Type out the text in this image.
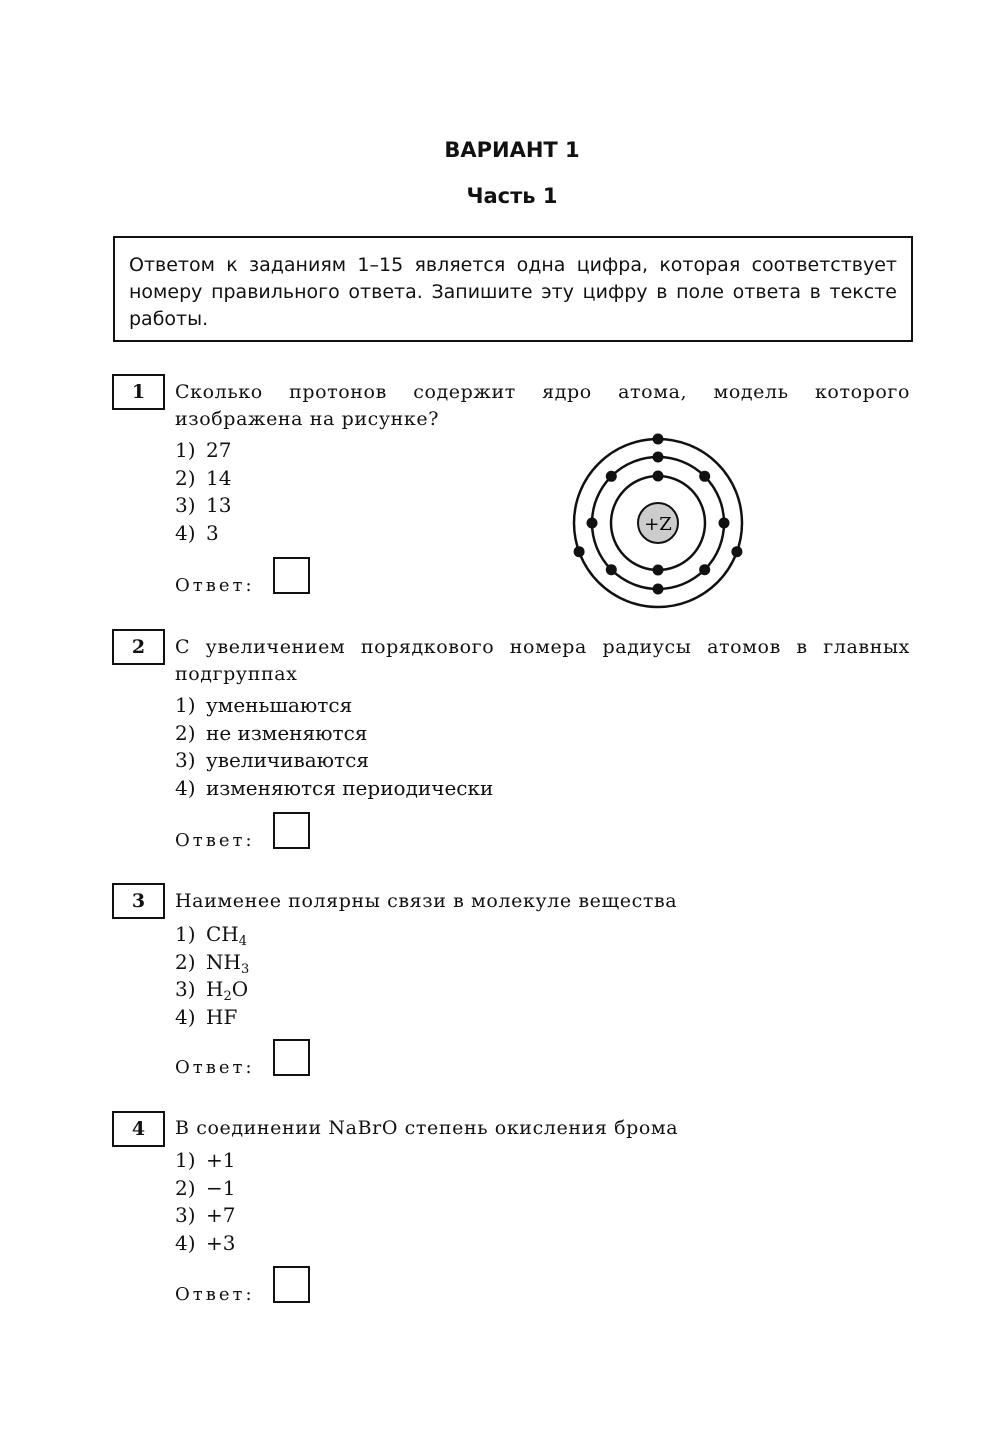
ВАРИАНТ 1
Часть 1
Ответом к заданиям 1–15 является одна цифра, которая соответствует номеру правильного ответа. Запишите эту цифру в поле ответа в тексте работы.
1	Сколько протонов содержит ядро атома, модель которого изображена на рисунке?
1) 27
2) 14
3) 13
4) 3
Ответ:
+Z
2	С увеличением порядкового номера радиусы атомов в главных подгруппах
1) уменьшаются
2) не изменяются
3) увеличиваются
4) изменяются периодически
Ответ:
3	Наименее полярны связи в молекуле вещества
1) $CH_4$
2) $NH_3$
3) $H_2O$
4) HF
Ответ:
4	В соединении NaBrO степень окисления брома
1) +1
2) −1
3) +7
4) +3
Ответ:
